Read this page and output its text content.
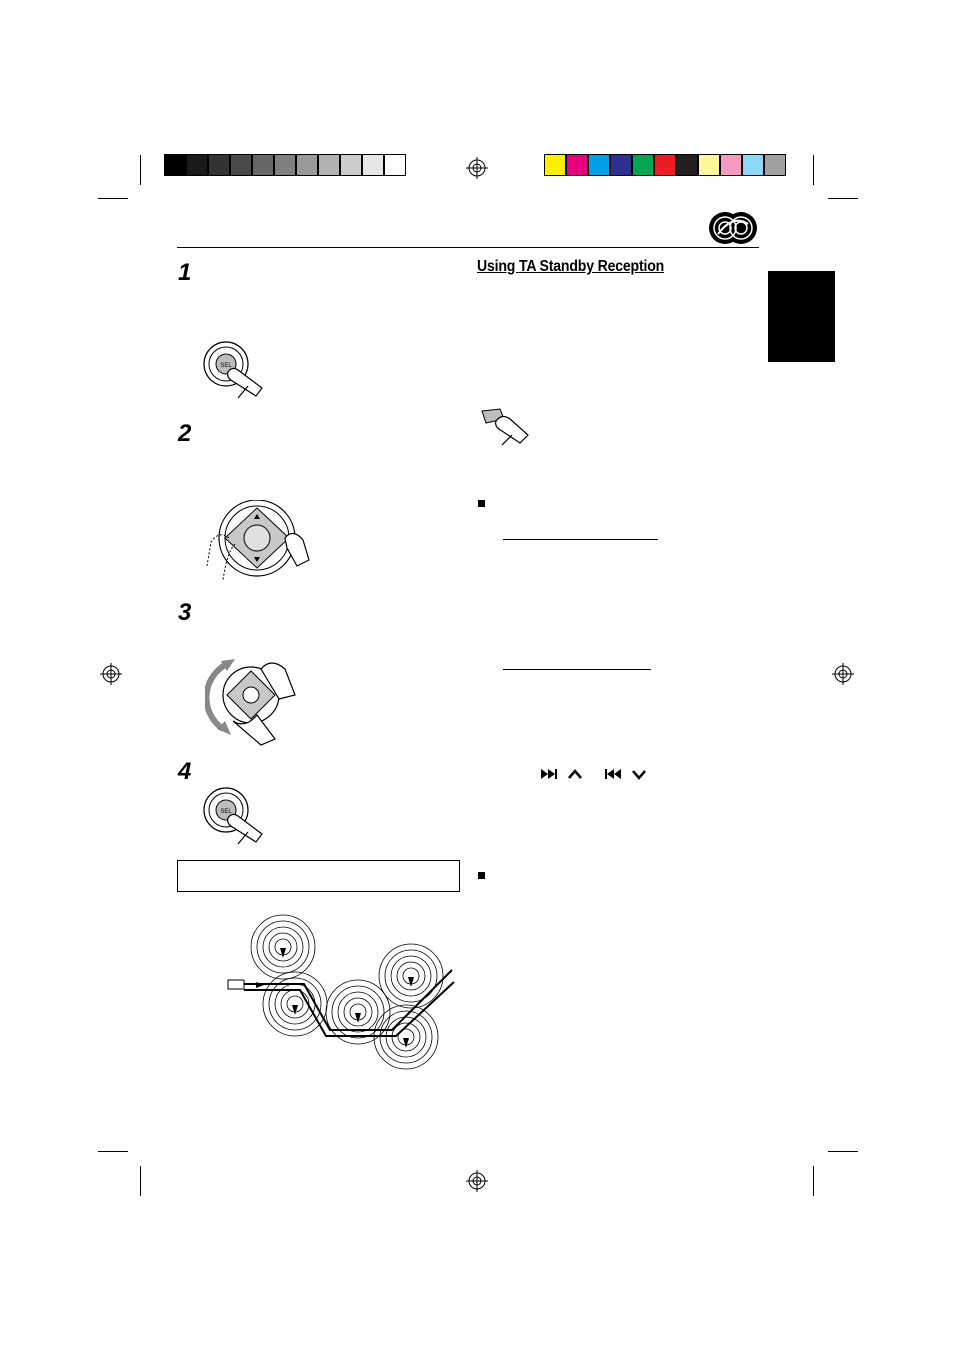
1
2
3
4
SEL
SEL
Using TA Standby Reception
